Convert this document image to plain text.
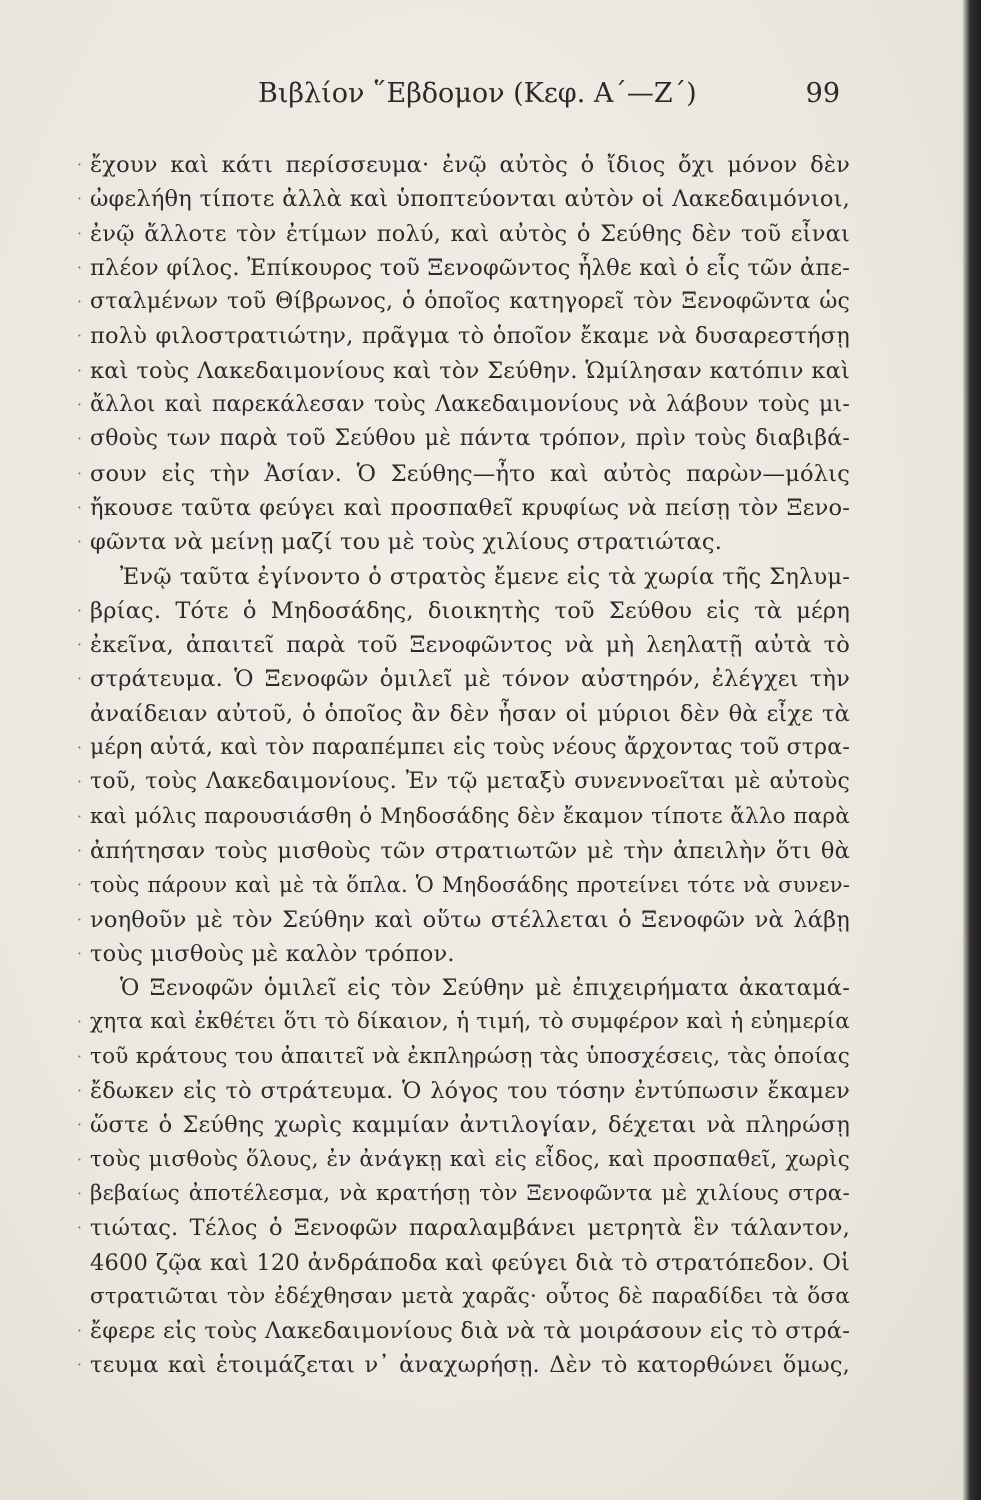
Βιβλίον ῞Εβδομον (Κεφ. Α΄—Ζ΄)	99
·
·
·
·
·
·
·
·
·
·
·
·
·
·
·
·
·
·
·
·
·
·
·
·
·
·
·
·
·
·
·
ἔχουν καὶ κάτι περίσσευμα· ἐνῷ αὐτὸς ὁ ἴδιος ὄχι μόνον δὲν
ὠφελήθη τίποτε ἀλλὰ καὶ ὑποπτεύονται αὐτὸν οἱ Λακεδαιμόνιοι,
ἐνῷ ἄλλοτε τὸν ἐτίμων πολύ, καὶ αὐτὸς ὁ Σεύθης δὲν τοῦ εἶναι
πλέον φίλος. Ἐπίκουρος τοῦ Ξενοφῶντος ἦλθε καὶ ὁ εἷς τῶν ἀπε-
σταλμένων τοῦ Θίβρωνος, ὁ ὁποῖος κατηγορεῖ τὸν Ξενοφῶντα ὡς
πολὺ φιλοστρατιώτην, πρᾶγμα τὸ ὁποῖον ἔκαμε νὰ δυσαρεστήσῃ
καὶ τοὺς Λακεδαιμονίους καὶ τὸν Σεύθην. Ὡμίλησαν κατόπιν καὶ
ἄλλοι καὶ παρεκάλεσαν τοὺς Λακεδαιμονίους νὰ λάβουν τοὺς μι-
σθοὺς των παρὰ τοῦ Σεύθου μὲ πάντα τρόπον, πρὶν τοὺς διαβιβά-
σουν εἰς τὴν Ἀσίαν. Ὁ Σεύθης—ἦτο καὶ αὐτὸς παρὼν—μόλις
ἤκουσε ταῦτα φεύγει καὶ προσπαθεῖ κρυφίως νὰ πείσῃ τὸν Ξενο-
φῶντα νὰ μείνῃ μαζί του μὲ τοὺς χιλίους στρατιώτας.
Ἐνῷ ταῦτα ἐγίνοντο ὁ στρατὸς ἔμενε εἰς τὰ χωρία τῆς Σηλυμ-
βρίας. Τότε ὁ Μηδοσάδης, διοικητὴς τοῦ Σεύθου εἰς τὰ μέρη
ἐκεῖνα, ἀπαιτεῖ παρὰ τοῦ Ξενοφῶντος νὰ μὴ λεηλατῇ αὐτὰ τὸ
στράτευμα. Ὁ Ξενοφῶν ὁμιλεῖ μὲ τόνον αὐστηρόν, ἐλέγχει τὴν
ἀναίδειαν αὐτοῦ, ὁ ὁποῖος ἂν δὲν ἦσαν οἱ μύριοι δὲν θὰ εἶχε τὰ
μέρη αὐτά, καὶ τὸν παραπέμπει εἰς τοὺς νέους ἄρχοντας τοῦ στρα-
τοῦ, τοὺς Λακεδαιμονίους. Ἐν τῷ μεταξὺ συνεννοεῖται μὲ αὐτοὺς
καὶ μόλις παρουσιάσθη ὁ Μηδοσάδης δὲν ἔκαμον τίποτε ἄλλο παρὰ
ἀπήτησαν τοὺς μισθοὺς τῶν στρατιωτῶν μὲ τὴν ἀπειλὴν ὅτι θὰ
τοὺς πάρουν καὶ μὲ τὰ ὅπλα. Ὁ Μηδοσάδης προτείνει τότε νὰ συνεν-
νοηθοῦν μὲ τὸν Σεύθην καὶ οὕτω στέλλεται ὁ Ξενοφῶν νὰ λάβῃ
τοὺς μισθοὺς μὲ καλὸν τρόπον.
Ὁ Ξενοφῶν ὁμιλεῖ εἰς τὸν Σεύθην μὲ ἐπιχειρήματα ἀκαταμά-
χητα καὶ ἐκθέτει ὅτι τὸ δίκαιον, ἡ τιμή, τὸ συμφέρον καὶ ἡ εὐημερία
τοῦ κράτους του ἀπαιτεῖ νὰ ἐκπληρώσῃ τὰς ὑποσχέσεις, τὰς ὁποίας
ἔδωκεν εἰς τὸ στράτευμα. Ὁ λόγος του τόσην ἐντύπωσιν ἔκαμεν
ὥστε ὁ Σεύθης χωρὶς καμμίαν ἀντιλογίαν, δέχεται νὰ πληρώσῃ
τοὺς μισθοὺς ὅλους, ἐν ἀνάγκῃ καὶ εἰς εἶδος, καὶ προσπαθεῖ, χωρὶς
βεβαίως ἀποτέλεσμα, νὰ κρατήσῃ τὸν Ξενοφῶντα μὲ χιλίους στρα-
τιώτας. Τέλος ὁ Ξενοφῶν παραλαμβάνει μετρητὰ ἓν τάλαντον,
4600 ζῷα καὶ 120 ἀνδράποδα καὶ φεύγει διὰ τὸ στρατόπεδον. Οἱ
στρατιῶται τὸν ἐδέχθησαν μετὰ χαρᾶς· οὗτος δὲ παραδίδει τὰ ὅσα
ἔφερε εἰς τοὺς Λακεδαιμονίους διὰ νὰ τὰ μοιράσουν εἰς τὸ στρά-
τευμα καὶ ἑτοιμάζεται ν᾽ ἀναχωρήσῃ. Δὲν τὸ κατορθώνει ὅμως,
